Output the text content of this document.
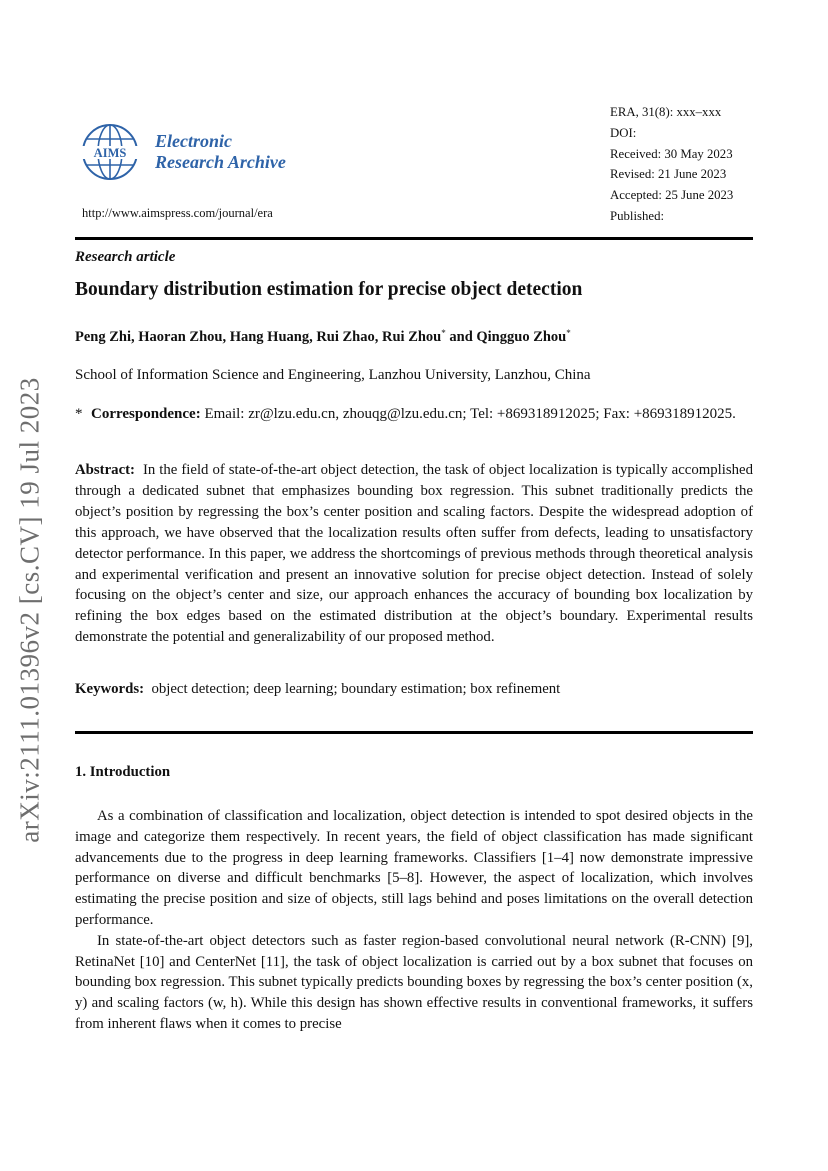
arXiv:2111.01396v2 [cs.CV] 19 Jul 2023
AIMS
Electronic
Research Archive
http://www.aimspress.com/journal/era
ERA, 31(8): xxx–xxx
DOI:
Received: 30 May 2023
Revised: 21 June 2023
Accepted: 25 June 2023
Published:
Research article
Boundary distribution estimation for precise object detection
Peng Zhi, Haoran Zhou, Hang Huang, Rui Zhao, Rui Zhou* and Qingguo Zhou*
School of Information Science and Engineering, Lanzhou University, Lanzhou, China
* Correspondence: Email: zr@lzu.edu.cn, zhouqg@lzu.edu.cn; Tel: +869318912025; Fax: +869318912025.
Abstract: In the field of state-of-the-art object detection, the task of object localization is typically accomplished through a dedicated subnet that emphasizes bounding box regression. This subnet traditionally predicts the object’s position by regressing the box’s center position and scaling factors. Despite the widespread adoption of this approach, we have observed that the localization results often suffer from defects, leading to unsatisfactory detector performance. In this paper, we address the shortcomings of previous methods through theoretical analysis and experimental verification and present an innovative solution for precise object detection. Instead of solely focusing on the object’s center and size, our approach enhances the accuracy of bounding box localization by refining the box edges based on the estimated distribution at the object’s boundary. Experimental results demonstrate the potential and generalizability of our proposed method.
Keywords: object detection; deep learning; boundary estimation; box refinement
1. Introduction

As a combination of classification and localization, object detection is intended to spot desired objects in the image and categorize them respectively. In recent years, the field of object classification has made significant advancements due to the progress in deep learning frameworks. Classifiers [1–4] now demonstrate impressive performance on diverse and difficult benchmarks [5–8]. However, the aspect of localization, which involves estimating the precise position and size of objects, still lags behind and poses limitations on the overall detection performance.

In state-of-the-art object detectors such as faster region-based convolutional neural network (R-CNN) [9], RetinaNet [10] and CenterNet [11], the task of object localization is carried out by a box subnet that focuses on bounding box regression. This subnet typically predicts bounding boxes by regressing the box’s center position (x, y) and scaling factors (w, h). While this design has shown effective results in conventional frameworks, it suffers from inherent flaws when it comes to precise
